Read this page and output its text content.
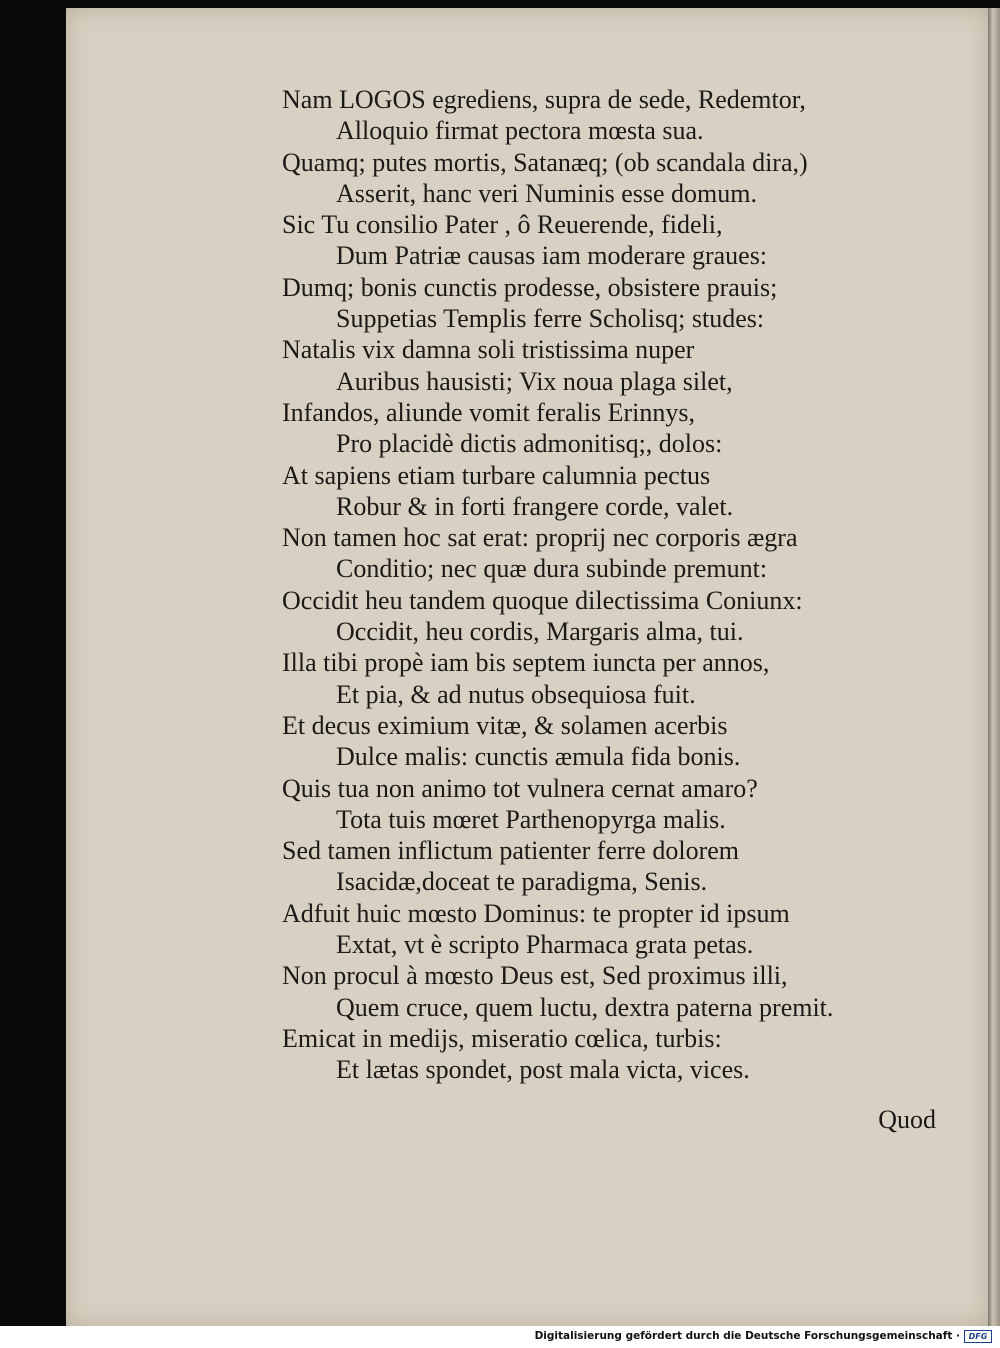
Nam LOGOS egrediens, supra de sede, Redemtor,
Alloquio firmat pectora mœsta sua.
Quamq; putes mortis, Satanæq; (ob scandala dira,)
Asserit, hanc veri Numinis esse domum.
Sic Tu consilio Pater , ô Reuerende, fideli,
Dum Patriæ causas iam moderare graues:
Dumq; bonis cunctis prodesse, obsistere prauis;
Suppetias Templis ferre Scholisq; studes:
Natalis vix damna soli tristissima nuper
Auribus hausisti; Vix noua plaga silet,
Infandos, aliunde vomit feralis Erinnys,
Pro placidè dictis admonitisq;, dolos:
At sapiens etiam turbare calumnia pectus
Robur & in forti frangere corde, valet.
Non tamen hoc sat erat: proprij nec corporis ægra
Conditio; nec quæ dura subinde premunt:
Occidit heu tandem quoque dilectissima Coniunx:
Occidit, heu cordis, Margaris alma, tui.
Illa tibi propè iam bis septem iuncta per annos,
Et pia, & ad nutus obsequiosa fuit.
Et decus eximium vitæ, & solamen acerbis
Dulce malis: cunctis æmula fida bonis.
Quis tua non animo tot vulnera cernat amaro?
Tota tuis mœret Parthenopyrga malis.
Sed tamen inflictum patienter ferre dolorem
Isacidæ,doceat te paradigma, Senis.
Adfuit huic mœsto Dominus: te propter id ipsum
Extat, vt è scripto Pharmaca grata petas.
Non procul à mœsto Deus est, Sed proximus illi,
Quem cruce, quem luctu, dextra paterna premit.
Emicat in medijs, miseratio cœlica, turbis:
Et lætas spondet, post mala victa, vices.
Quod
Digitalisierung gefördert durch die Deutsche Forschungsgemeinschaft ·	DFG
